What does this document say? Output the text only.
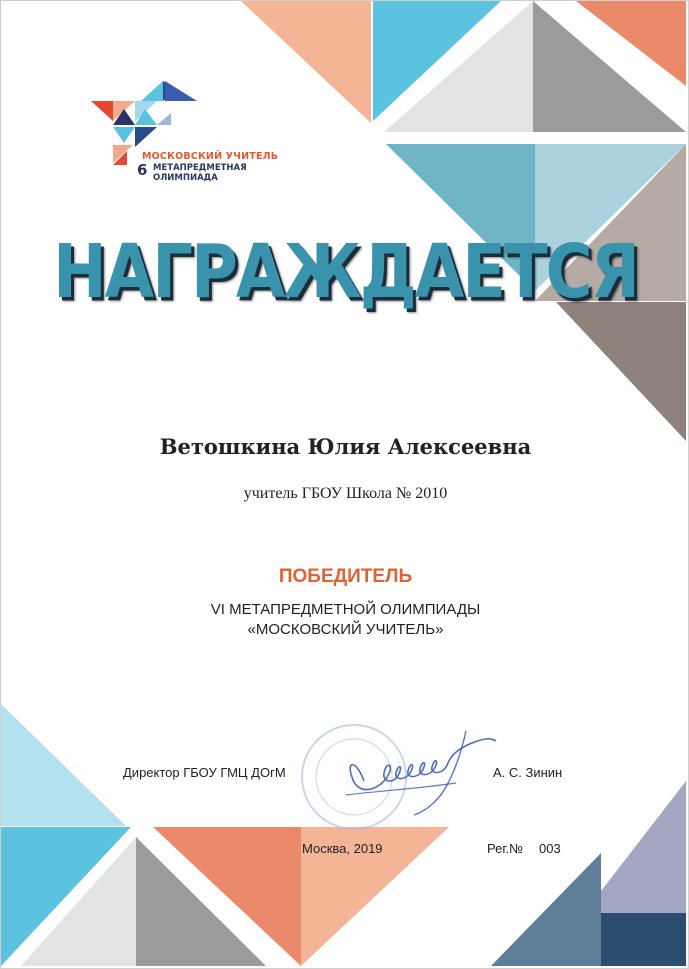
МОСКОВСКИЙ УЧИТЕЛЬ
6 МЕТАПРЕДМЕТНАЯ
ОЛИМПИАДА
НАГРАЖДАЕТСЯ
Ветошкина Юлия Алексеевна
учитель ГБОУ Школа № 2010
ПОБЕДИТЕЛЬ
VI МЕТАПРЕДМЕТНОЙ ОЛИМПИАДЫ
«МОСКОВСКИЙ УЧИТЕЛЬ»
Директор ГБОУ ГМЦ ДОгМ	А. С. Зинин
Москва, 2019	Рег.№ 003
